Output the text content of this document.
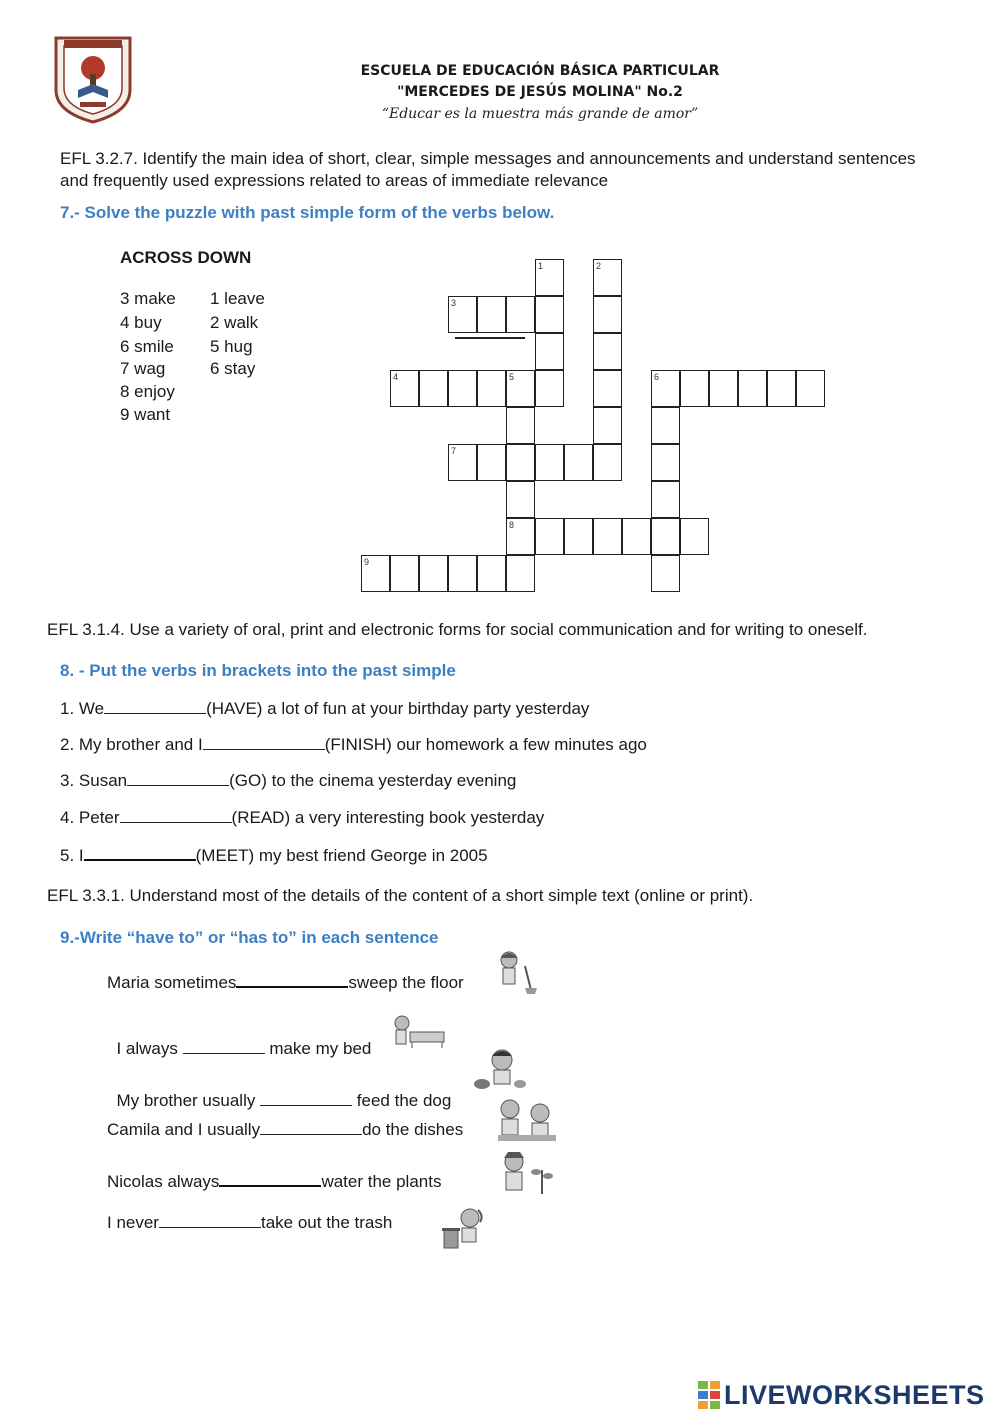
ESCUELA DE EDUCACIÓN BÁSICA PARTICULAR
"MERCEDES DE JESÚS MOLINA" No.2
“Educar es la muestra más grande de amor”
EFL 3.2.7. Identify the main idea of short, clear, simple messages and announcements and understand sentences and frequently used expressions related to areas of immediate relevance
7.- Solve the puzzle with past simple form of the verbs below.
ACROSS DOWN
3 make
4 buy
6 smile
7 wag
8 enjoy
9 want
1 leave
2 walk
5 hug
6 stay
1	2
3
4	5
8
6
7
9
EFL 3.1.4. Use a variety of oral, print and electronic forms for social communication and for writing to oneself.
8. - Put the verbs in brackets into the past simple
1. We	(HAVE) a lot of fun at your birthday party yesterday
2. My brother and I	(FINISH) our homework a few minutes ago
3. Susan	(GO) to the cinema yesterday evening
4. Peter	(READ) a very interesting book yesterday
5. I	(MEET) my best friend George in 2005
EFL 3.3.1. Understand most of the details of the content of a short simple text (online or print).
9.-Write “have to” or “has to” in each sentence
Maria sometimes	sweep the floor

I always	make my bed

My brother usually	feed the dog

Camila and I usually	do the dishes
Nicolas always	water the plants
I never	take out the trash
LIVEWORKSHEETS
